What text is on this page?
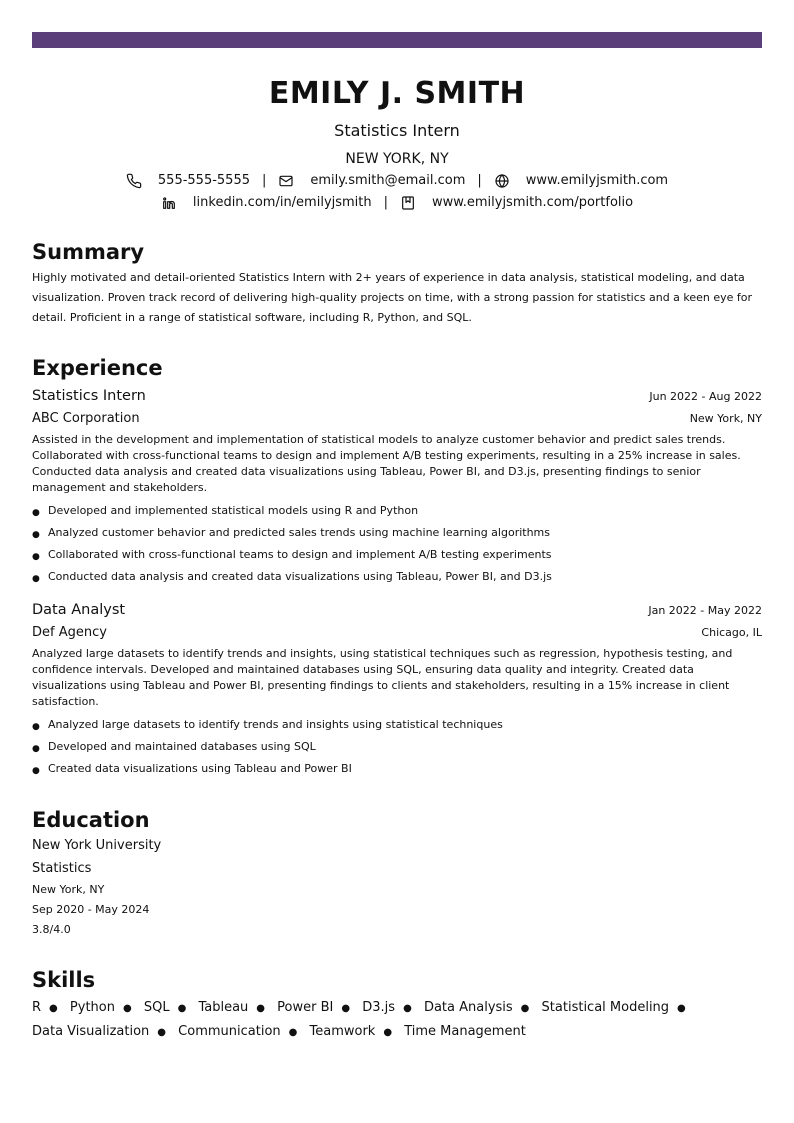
EMILY J. SMITH
Statistics Intern
NEW YORK, NY
555-555-5555 |	emily.smith@email.com |	www.emilyjsmith.com
linkedin.com/in/emilyjsmith |	www.emilyjsmith.com/portfolio
Summary
Highly motivated and detail-oriented Statistics Intern with 2+ years of experience in data analysis, statistical modeling, and data visualization. Proven track record of delivering high-quality projects on time, with a strong passion for statistics and a keen eye for detail. Proficient in a range of statistical software, including R, Python, and SQL.
Experience
Statistics Intern	Jun 2022 - Aug 2022
ABC Corporation	New York, NY
Assisted in the development and implementation of statistical models to analyze customer behavior and predict sales trends. Collaborated with cross-functional teams to design and implement A/B testing experiments, resulting in a 25% increase in sales. Conducted data analysis and created data visualizations using Tableau, Power BI, and D3.js, presenting findings to senior management and stakeholders.
● Developed and implemented statistical models using R and Python
● Analyzed customer behavior and predicted sales trends using machine learning algorithms
● Collaborated with cross-functional teams to design and implement A/B testing experiments
● Conducted data analysis and created data visualizations using Tableau, Power BI, and D3.js
Data Analyst	Jan 2022 - May 2022
Def Agency	Chicago, IL
Analyzed large datasets to identify trends and insights, using statistical techniques such as regression, hypothesis testing, and confidence intervals. Developed and maintained databases using SQL, ensuring data quality and integrity. Created data visualizations using Tableau and Power BI, presenting findings to clients and stakeholders, resulting in a 15% increase in client satisfaction.
● Analyzed large datasets to identify trends and insights using statistical techniques
● Developed and maintained databases using SQL
● Created data visualizations using Tableau and Power BI
Education
New York University
Statistics
New York, NY
Sep 2020 - May 2024
3.8/4.0
Skills
R ● Python ● SQL ● Tableau ● Power BI ● D3.js ● Data Analysis ● Statistical Modeling ● Data Visualization ● Communication ● Teamwork ● Time Management
